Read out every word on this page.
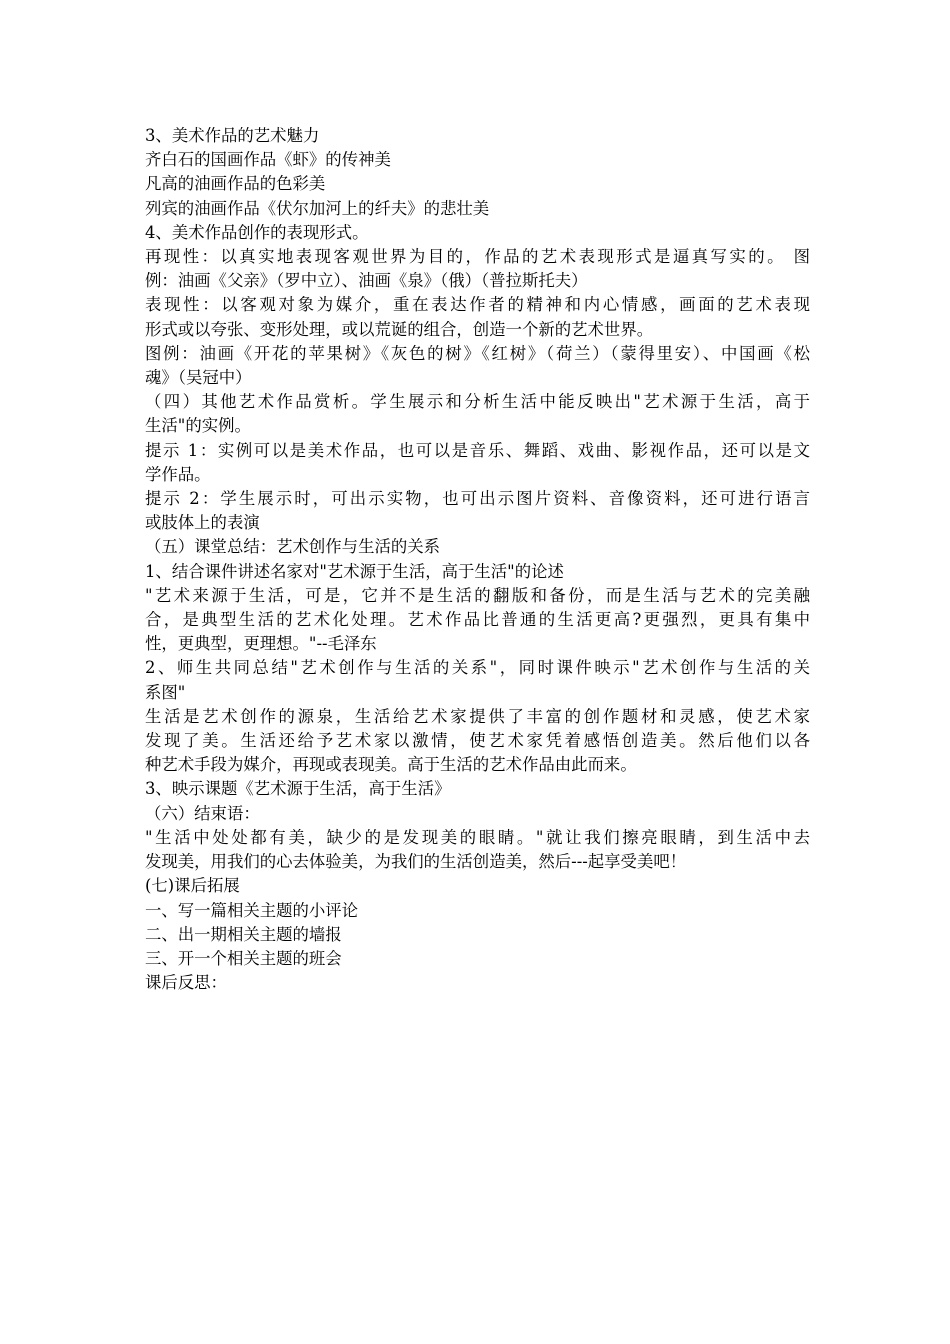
3、美术作品的艺术魅力
齐白石的国画作品《虾》的传神美
凡高的油画作品的色彩美
列宾的油画作品《伏尔加河上的纤夫》的悲壮美
4、美术作品创作的表现形式。
再现性：以真实地表现客观世界为目的，作品的艺术表现形式是逼真写实的。 图
例：油画《父亲》（罗中立）、油画《泉》（俄）（普拉斯托夫）
表现性：以客观对象为媒介，重在表达作者的精神和内心情感，画面的艺术表现
形式或以夸张、变形处理，或以荒诞的组合，创造一个新的艺术世界。
图例：油画《开花的苹果树》《灰色的树》《红树》（荷兰）（蒙得里安）、中国画《松
魂》（吴冠中）
（四）其他艺术作品赏析。学生展示和分析生活中能反映出"艺术源于生活，高于
生活"的实例。
提示 1：实例可以是美术作品，也可以是音乐、舞蹈、戏曲、影视作品，还可以是文
学作品。
提示 2：学生展示时，可出示实物，也可出示图片资料、音像资料，还可进行语言
或肢体上的表演
（五）课堂总结：艺术创作与生活的关系
1、结合课件讲述名家对"艺术源于生活，高于生活"的论述
"艺术来源于生活，可是，它并不是生活的翻版和备份，而是生活与艺术的完美融
合，是典型生活的艺术化处理。艺术作品比普通的生活更高?更强烈，更具有集中
性，更典型，更理想。"--毛泽东
2、师生共同总结"艺术创作与生活的关系"，同时课件映示"艺术创作与生活的关
系图"
生活是艺术创作的源泉，生活给艺术家提供了丰富的创作题材和灵感，使艺术家
发现了美。生活还给予艺术家以激情，使艺术家凭着感悟创造美。然后他们以各
种艺术手段为媒介，再现或表现美。高于生活的艺术作品由此而来。
3、映示课题《艺术源于生活，高于生活》
（六）结束语：
"生活中处处都有美，缺少的是发现美的眼睛。"就让我们擦亮眼睛，到生活中去
发现美，用我们的心去体验美，为我们的生活创造美，然后---起享受美吧！
(七)课后拓展
一、写一篇相关主题的小评论
二、出一期相关主题的墙报
三、开一个相关主题的班会
课后反思：
